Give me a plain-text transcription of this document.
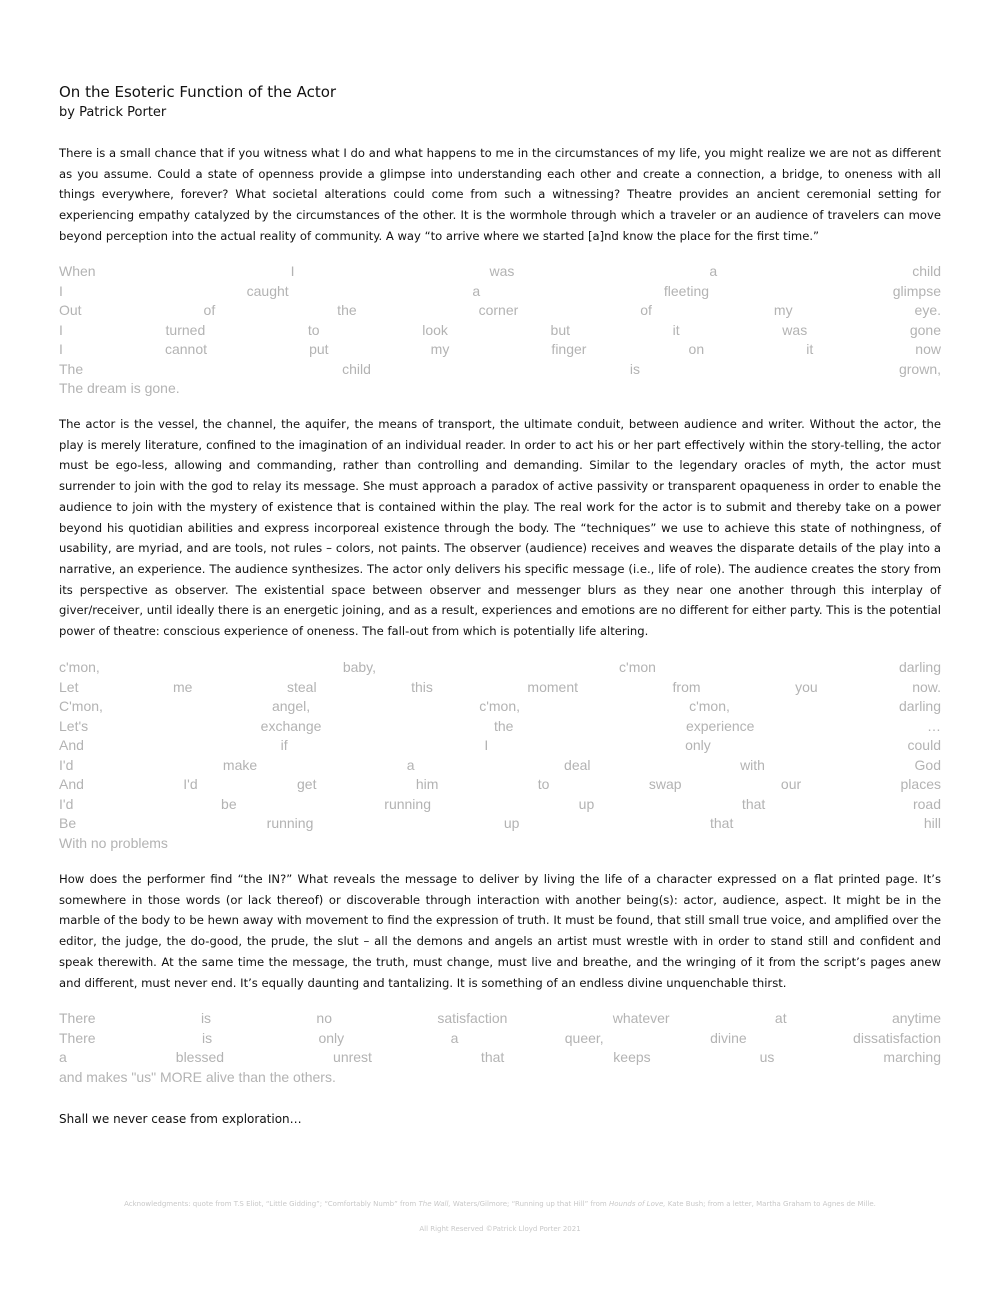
On the Esoteric Function of the Actor
by Patrick Porter

There is a small chance that if you witness what I do and what happens to me in the circumstances of my life, you might realize we are not as different as you assume. Could a state of openness provide a glimpse into understanding each other and create a connection, a bridge, to oneness with all things everywhere, forever? What societal alterations could come from such a witnessing? Theatre provides an ancient ceremonial setting for experiencing empathy catalyzed by the circumstances of the other. It is the wormhole through which a traveler or an audience of travelers can move beyond perception into the actual reality of community. A way “to arrive where we started [a]nd know the place for the first time.”

When I was a child
I caught a fleeting glimpse
Out of the corner of my eye.
I turned to look but it was gone
I cannot put my finger on it now
The child is grown,
The dream is gone.

The actor is the vessel, the channel, the aquifer, the means of transport, the ultimate conduit, between audience and writer. Without the actor, the play is merely literature, confined to the imagination of an individual reader. In order to act his or her part effectively within the story-telling, the actor must be ego-less, allowing and commanding, rather than controlling and demanding. Similar to the legendary oracles of myth, the actor must surrender to join with the god to relay its message. She must approach a paradox of active passivity or transparent opaqueness in order to enable the audience to join with the mystery of existence that is contained within the play. The real work for the actor is to submit and thereby take on a power beyond his quotidian abilities and express incorporeal existence through the body. The “techniques” we use to achieve this state of nothingness, of usability, are myriad, and are tools, not rules – colors, not paints. The observer (audience) receives and weaves the disparate details of the play into a narrative, an experience. The audience synthesizes. The actor only delivers his specific message (i.e., life of role). The audience creates the story from its perspective as observer. The existential space between observer and messenger blurs as they near one another through this interplay of giver/receiver, until ideally there is an energetic joining, and as a result, experiences and emotions are no different for either party. This is the potential power of theatre: conscious experience of oneness. The fall-out from which is potentially life altering.

c'mon, baby, c'mon darling
Let me steal this moment from you now.
C'mon, angel, c'mon, c'mon, darling
Let's exchange the experience …
And if I only could
I'd make a deal with God
And I'd get him to swap our places
I'd be running up that road
Be running up that hill
With no problems

How does the performer find “the IN?” What reveals the message to deliver by living the life of a character expressed on a flat printed page. It’s somewhere in those words (or lack thereof) or discoverable through interaction with another being(s): actor, audience, aspect. It might be in the marble of the body to be hewn away with movement to find the expression of truth. It must be found, that still small true voice, and amplified over the editor, the judge, the do-good, the prude, the slut – all the demons and angels an artist must wrestle with in order to stand still and confident and speak therewith. At the same time the message, the truth, must change, must live and breathe, and the wringing of it from the script’s pages anew and different, must never end. It’s equally daunting and tantalizing. It is something of an endless divine unquenchable thirst.

There is no satisfaction whatever at anytime
There is only a queer, divine dissatisfaction
a blessed unrest that keeps us marching
and makes "us" MORE alive than the others.
Shall we never cease from exploration…
Acknowledgments: quote from T.S Eliot, “Little Gidding”; “Comfortably Numb” from The Wall, Waters/Gilmore; “Running up that Hill” from Hounds of Love, Kate Bush; from a letter, Martha Graham to Agnes de Mille.
All Right Reserved ©Patrick Lloyd Porter 2021
